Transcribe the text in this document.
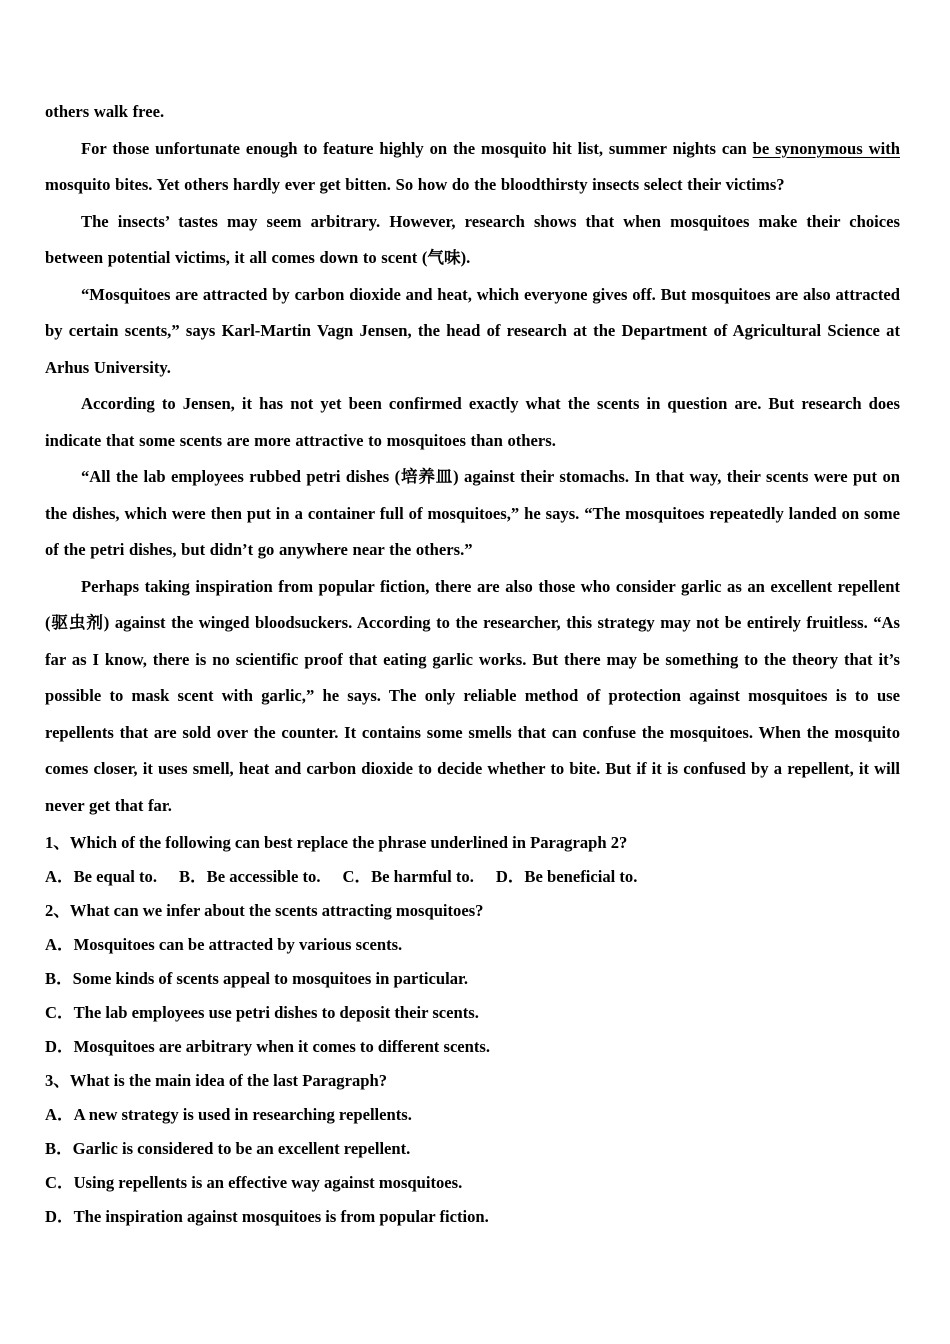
others walk free.

For those unfortunate enough to feature highly on the mosquito hit list, summer nights can be synonymous with mosquito bites. Yet others hardly ever get bitten. So how do the bloodthirsty insects select their victims?

The insects’ tastes may seem arbitrary. However, research shows that when mosquitoes make their choices between potential victims, it all comes down to scent (气味).

“Mosquitoes are attracted by carbon dioxide and heat, which everyone gives off. But mosquitoes are also attracted by certain scents,” says Karl-Martin Vagn Jensen, the head of research at the Department of Agricultural Science at Arhus University.

According to Jensen, it has not yet been confirmed exactly what the scents in question are. But research does indicate that some scents are more attractive to mosquitoes than others.

“All the lab employees rubbed petri dishes (培养皿) against their stomachs. In that way, their scents were put on the dishes, which were then put in a container full of mosquitoes,” he says. “The mosquitoes repeatedly landed on some of the petri dishes, but didn’t go anywhere near the others.”

Perhaps taking inspiration from popular fiction, there are also those who consider garlic as an excellent repellent (驱虫剂) against the winged bloodsuckers. According to the researcher, this strategy may not be entirely fruitless. “As far as I know, there is no scientific proof that eating garlic works. But there may be something to the theory that it’s possible to mask scent with garlic,” he says. The only reliable method of protection against mosquitoes is to use repellents that are sold over the counter. It contains some smells that can confuse the mosquitoes. When the mosquito comes closer, it uses smell, heat and carbon dioxide to decide whether to bite. But if it is confused by a repellent, it will never get that far.

1、Which of the following can best replace the phrase underlined in Paragraph 2?

A．Be equal to. B．Be accessible to. C．Be harmful to. D．Be beneficial to.

2、What can we infer about the scents attracting mosquitoes?

A．Mosquitoes can be attracted by various scents.

B．Some kinds of scents appeal to mosquitoes in particular.

C．The lab employees use petri dishes to deposit their scents.

D．Mosquitoes are arbitrary when it comes to different scents.

3、What is the main idea of the last Paragraph?

A．A new strategy is used in researching repellents.

B．Garlic is considered to be an excellent repellent.

C．Using repellents is an effective way against mosquitoes.

D．The inspiration against mosquitoes is from popular fiction.
